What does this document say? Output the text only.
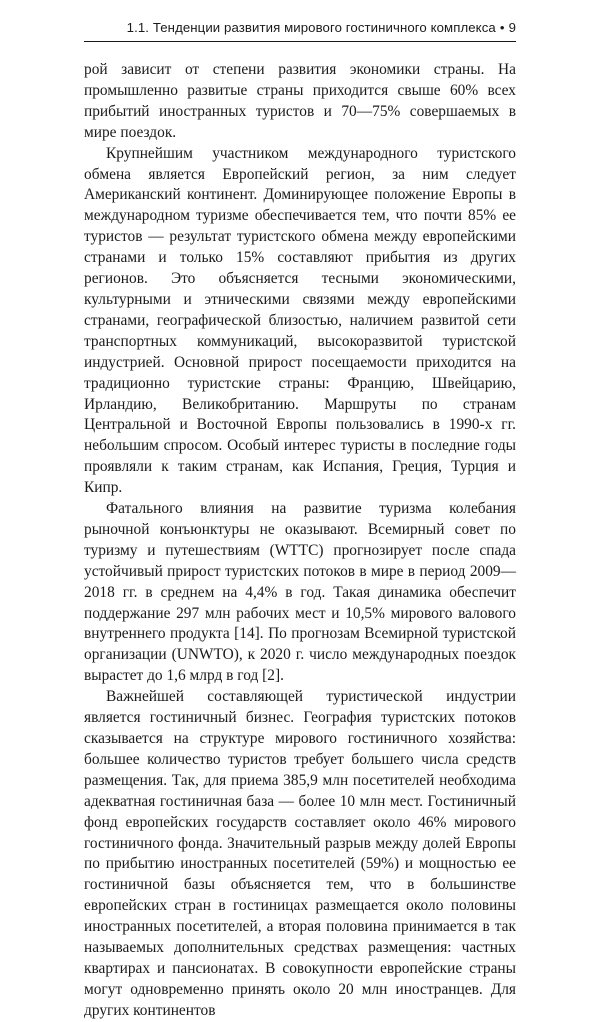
1.1. Тенденции развития мирового гостиничного комплекса • 9

рой зависит от степени развития экономики страны. На промышленно развитые страны приходится свыше 60% всех прибытий иностранных туристов и 70—75% совершаемых в мире поездок.

Крупнейшим участником международного туристского обмена является Европейский регион, за ним следует Американский континент. Доминирующее положение Европы в международном туризме обеспечивается тем, что почти 85% ее туристов — результат туристского обмена между европейскими странами и только 15% составляют прибытия из других регионов. Это объясняется тесными экономическими, культурными и этническими связями между европейскими странами, географической близостью, наличием развитой сети транспортных коммуникаций, высокоразвитой туристской индустрией. Основной прирост посещаемости приходится на традиционно туристские страны: Францию, Швейцарию, Ирландию, Великобританию. Маршруты по странам Центральной и Восточной Европы пользовались в 1990-х гг. небольшим спросом. Особый интерес туристы в последние годы проявляли к таким странам, как Испания, Греция, Турция и Кипр.

Фатального влияния на развитие туризма колебания рыночной конъюнктуры не оказывают. Всемирный совет по туризму и путешествиям (WTTC) прогнозирует после спада устойчивый прирост туристских потоков в мире в период 2009—2018 гг. в среднем на 4,4% в год. Такая динамика обеспечит поддержание 297 млн рабочих мест и 10,5% мирового валового внутреннего продукта [14]. По прогнозам Всемирной туристской организации (UNWTO), к 2020 г. число международных поездок вырастет до 1,6 млрд в год [2].

Важнейшей составляющей туристической индустрии является гостиничный бизнес. География туристских потоков сказывается на структуре мирового гостиничного хозяйства: большее количество туристов требует большего числа средств размещения. Так, для приема 385,9 млн посетителей необходима адекватная гостиничная база — более 10 млн мест. Гостиничный фонд европейских государств составляет около 46% мирового гостиничного фонда. Значительный разрыв между долей Европы по прибытию иностранных посетителей (59%) и мощностью ее гостиничной базы объясняется тем, что в большинстве европейских стран в гостиницах размещается около половины иностранных посетителей, а вторая половина принимается в так называемых дополнительных средствах размещения: частных квартирах и пансионатах. В совокупности европейские страны могут одновременно принять около 20 млн иностранцев. Для других континентов
